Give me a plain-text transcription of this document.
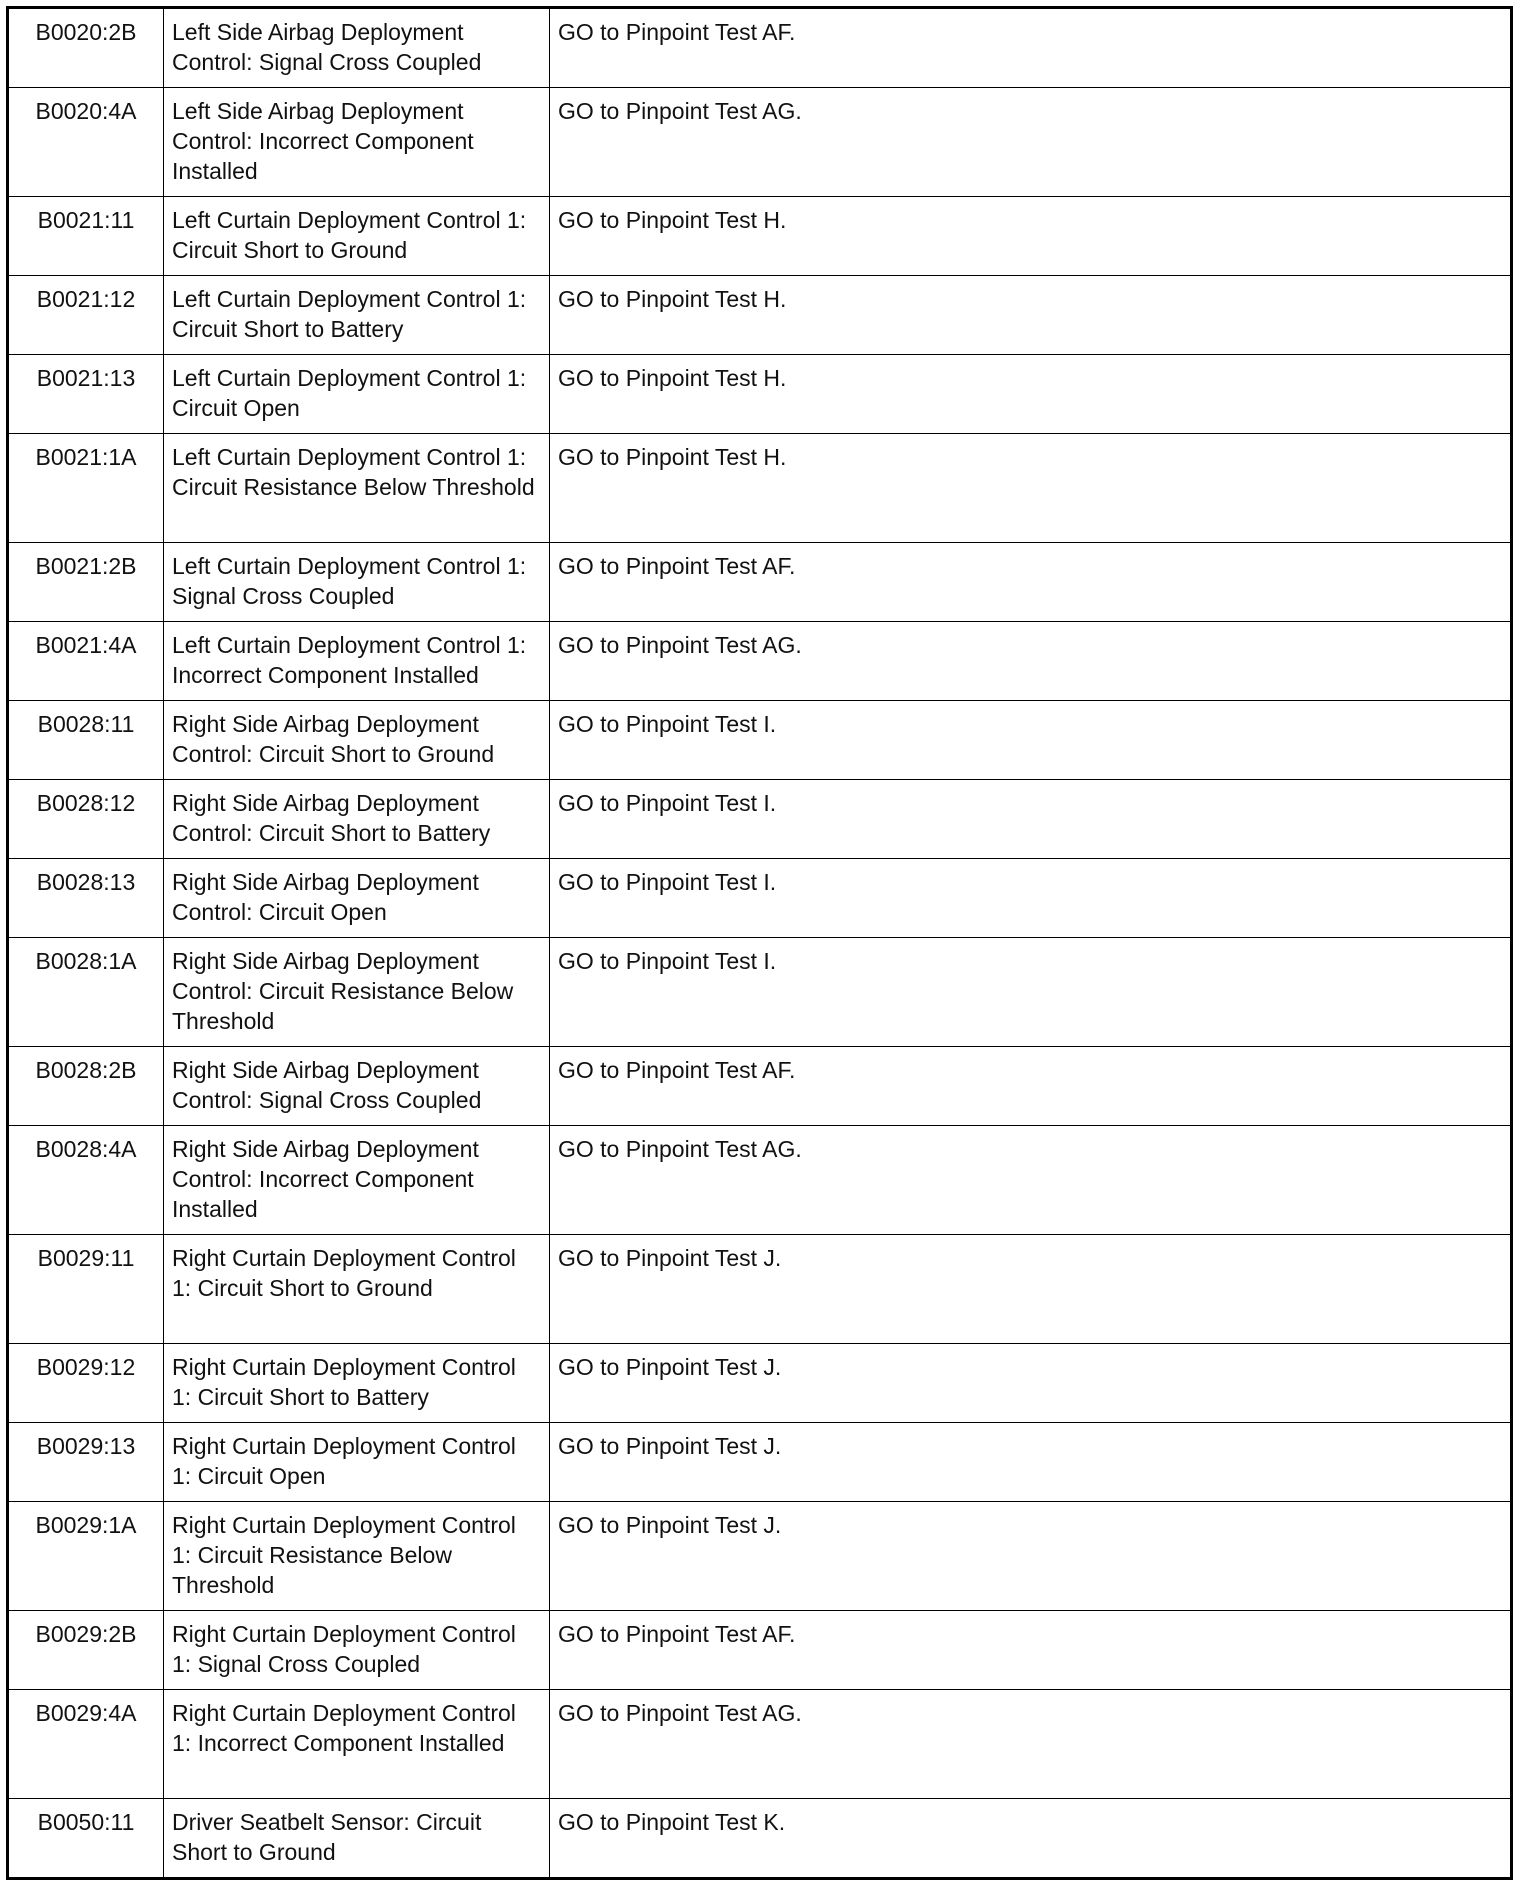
B0020:2B	Left Side Airbag Deployment Control: Signal Cross Coupled	GO to Pinpoint Test AF.
B0020:4A	Left Side Airbag Deployment Control: Incorrect Component Installed	GO to Pinpoint Test AG.
B0021:11	Left Curtain Deployment Control 1: Circuit Short to Ground	GO to Pinpoint Test H.
B0021:12	Left Curtain Deployment Control 1: Circuit Short to Battery	GO to Pinpoint Test H.
B0021:13	Left Curtain Deployment Control 1: Circuit Open	GO to Pinpoint Test H.
B0021:1A	Left Curtain Deployment Control 1: Circuit Resistance Below Threshold	GO to Pinpoint Test H.
B0021:2B	Left Curtain Deployment Control 1: Signal Cross Coupled	GO to Pinpoint Test AF.
B0021:4A	Left Curtain Deployment Control 1: Incorrect Component Installed	GO to Pinpoint Test AG.
B0028:11	Right Side Airbag Deployment Control: Circuit Short to Ground	GO to Pinpoint Test I.
B0028:12	Right Side Airbag Deployment Control: Circuit Short to Battery	GO to Pinpoint Test I.
B0028:13	Right Side Airbag Deployment Control: Circuit Open	GO to Pinpoint Test I.
B0028:1A	Right Side Airbag Deployment Control: Circuit Resistance Below Threshold	GO to Pinpoint Test I.
B0028:2B	Right Side Airbag Deployment Control: Signal Cross Coupled	GO to Pinpoint Test AF.
B0028:4A	Right Side Airbag Deployment Control: Incorrect Component Installed	GO to Pinpoint Test AG.
B0029:11	Right Curtain Deployment Control 1: Circuit Short to Ground	GO to Pinpoint Test J.
B0029:12	Right Curtain Deployment Control 1: Circuit Short to Battery	GO to Pinpoint Test J.
B0029:13	Right Curtain Deployment Control 1: Circuit Open	GO to Pinpoint Test J.
B0029:1A	Right Curtain Deployment Control 1: Circuit Resistance Below Threshold	GO to Pinpoint Test J.
B0029:2B	Right Curtain Deployment Control 1: Signal Cross Coupled	GO to Pinpoint Test AF.
B0029:4A	Right Curtain Deployment Control 1: Incorrect Component Installed	GO to Pinpoint Test AG.
B0050:11	Driver Seatbelt Sensor: Circuit Short to Ground	GO to Pinpoint Test K.
